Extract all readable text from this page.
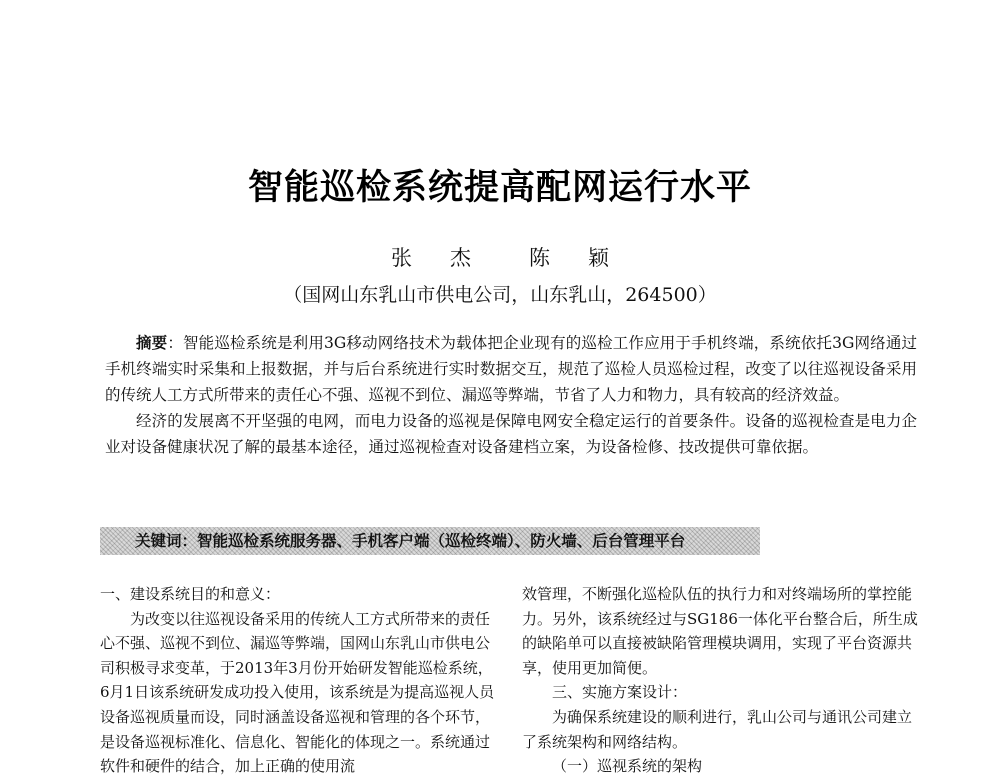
智能巡检系统提高配网运行水平
张 杰	陈 颖
（国网山东乳山市供电公司，山东乳山，264500）

摘要：智能巡检系统是利用3G移动网络技术为载体把企业现有的巡检工作应用于手机终端，系统依托3G网络通过手机终端实时采集和上报数据，并与后台系统进行实时数据交互，规范了巡检人员巡检过程，改变了以往巡视设备采用的传统人工方式所带来的责任心不强、巡视不到位、漏巡等弊端，节省了人力和物力，具有较高的经济效益。

经济的发展离不开坚强的电网，而电力设备的巡视是保障电网安全稳定运行的首要条件。设备的巡视检查是电力企业对设备健康状况了解的最基本途径，通过巡视检查对设备建档立案，为设备检修、技改提供可靠依据。

关键词：智能巡检系统服务器、手机客户端（巡检终端）、防火墙、后台管理平台

一、建设系统目的和意义：

为改变以往巡视设备采用的传统人工方式所带来的责任心不强、巡视不到位、漏巡等弊端，国网山东乳山市供电公司积极寻求变革，于2013年3月份开始研发智能巡检系统，6月1日该系统研发成功投入使用，该系统是为提高巡视人员设备巡视质量而设，同时涵盖设备巡视和管理的各个环节，是设备巡视标准化、信息化、智能化的体现之一。系统通过软件和硬件的结合，加上正确的使用流

效管理，不断强化巡检队伍的执行力和对终端场所的掌控能力。另外，该系统经过与SG186一体化平台整合后，所生成的缺陷单可以直接被缺陷管理模块调用，实现了平台资源共享，使用更加简便。

三、实施方案设计：

为确保系统建设的顺利进行，乳山公司与通讯公司建立了系统架构和网络结构。

（一）巡视系统的架构
